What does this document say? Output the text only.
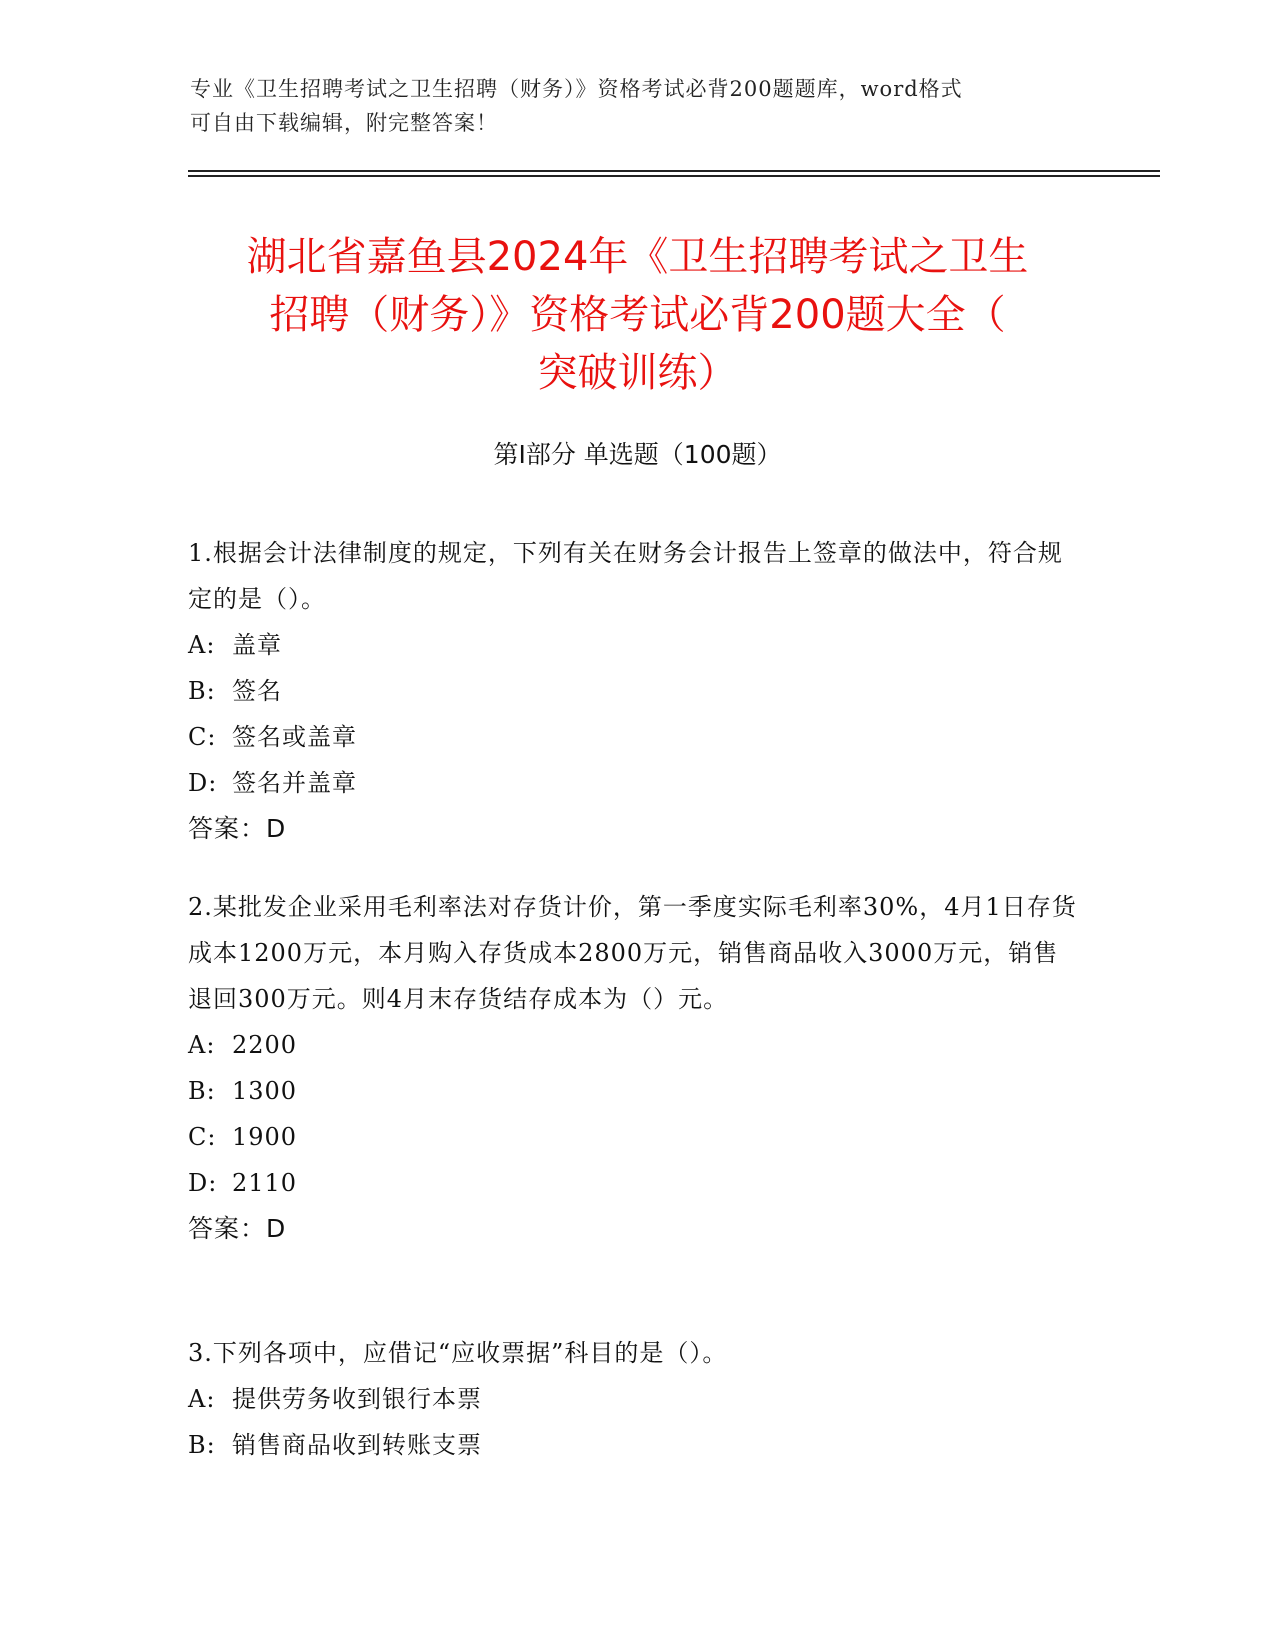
专业《卫生招聘考试之卫生招聘（财务）》资格考试必背200题题库，word格式
可自由下载编辑，附完整答案！
湖北省嘉鱼县2024年《卫生招聘考试之卫生
招聘（财务）》资格考试必背200题大全（
突破训练）
第Ⅰ部分 单选题（100题）

1.根据会计法律制度的规定，下列有关在财务会计报告上签章的做法中，符合规定的是（）。

A: 盖章

B: 签名

C: 签名或盖章

D: 签名并盖章

答案：D

2.某批发企业采用毛利率法对存货计价，第一季度实际毛利率30%，4月1日存货成本1200万元，本月购入存货成本2800万元，销售商品收入3000万元，销售退回300万元。则4月末存货结存成本为（）元。

A: 2200

B: 1300

C: 1900

D: 2110

答案：D

3.下列各项中，应借记“应收票据”科目的是（）。

A: 提供劳务收到银行本票

B: 销售商品收到转账支票
